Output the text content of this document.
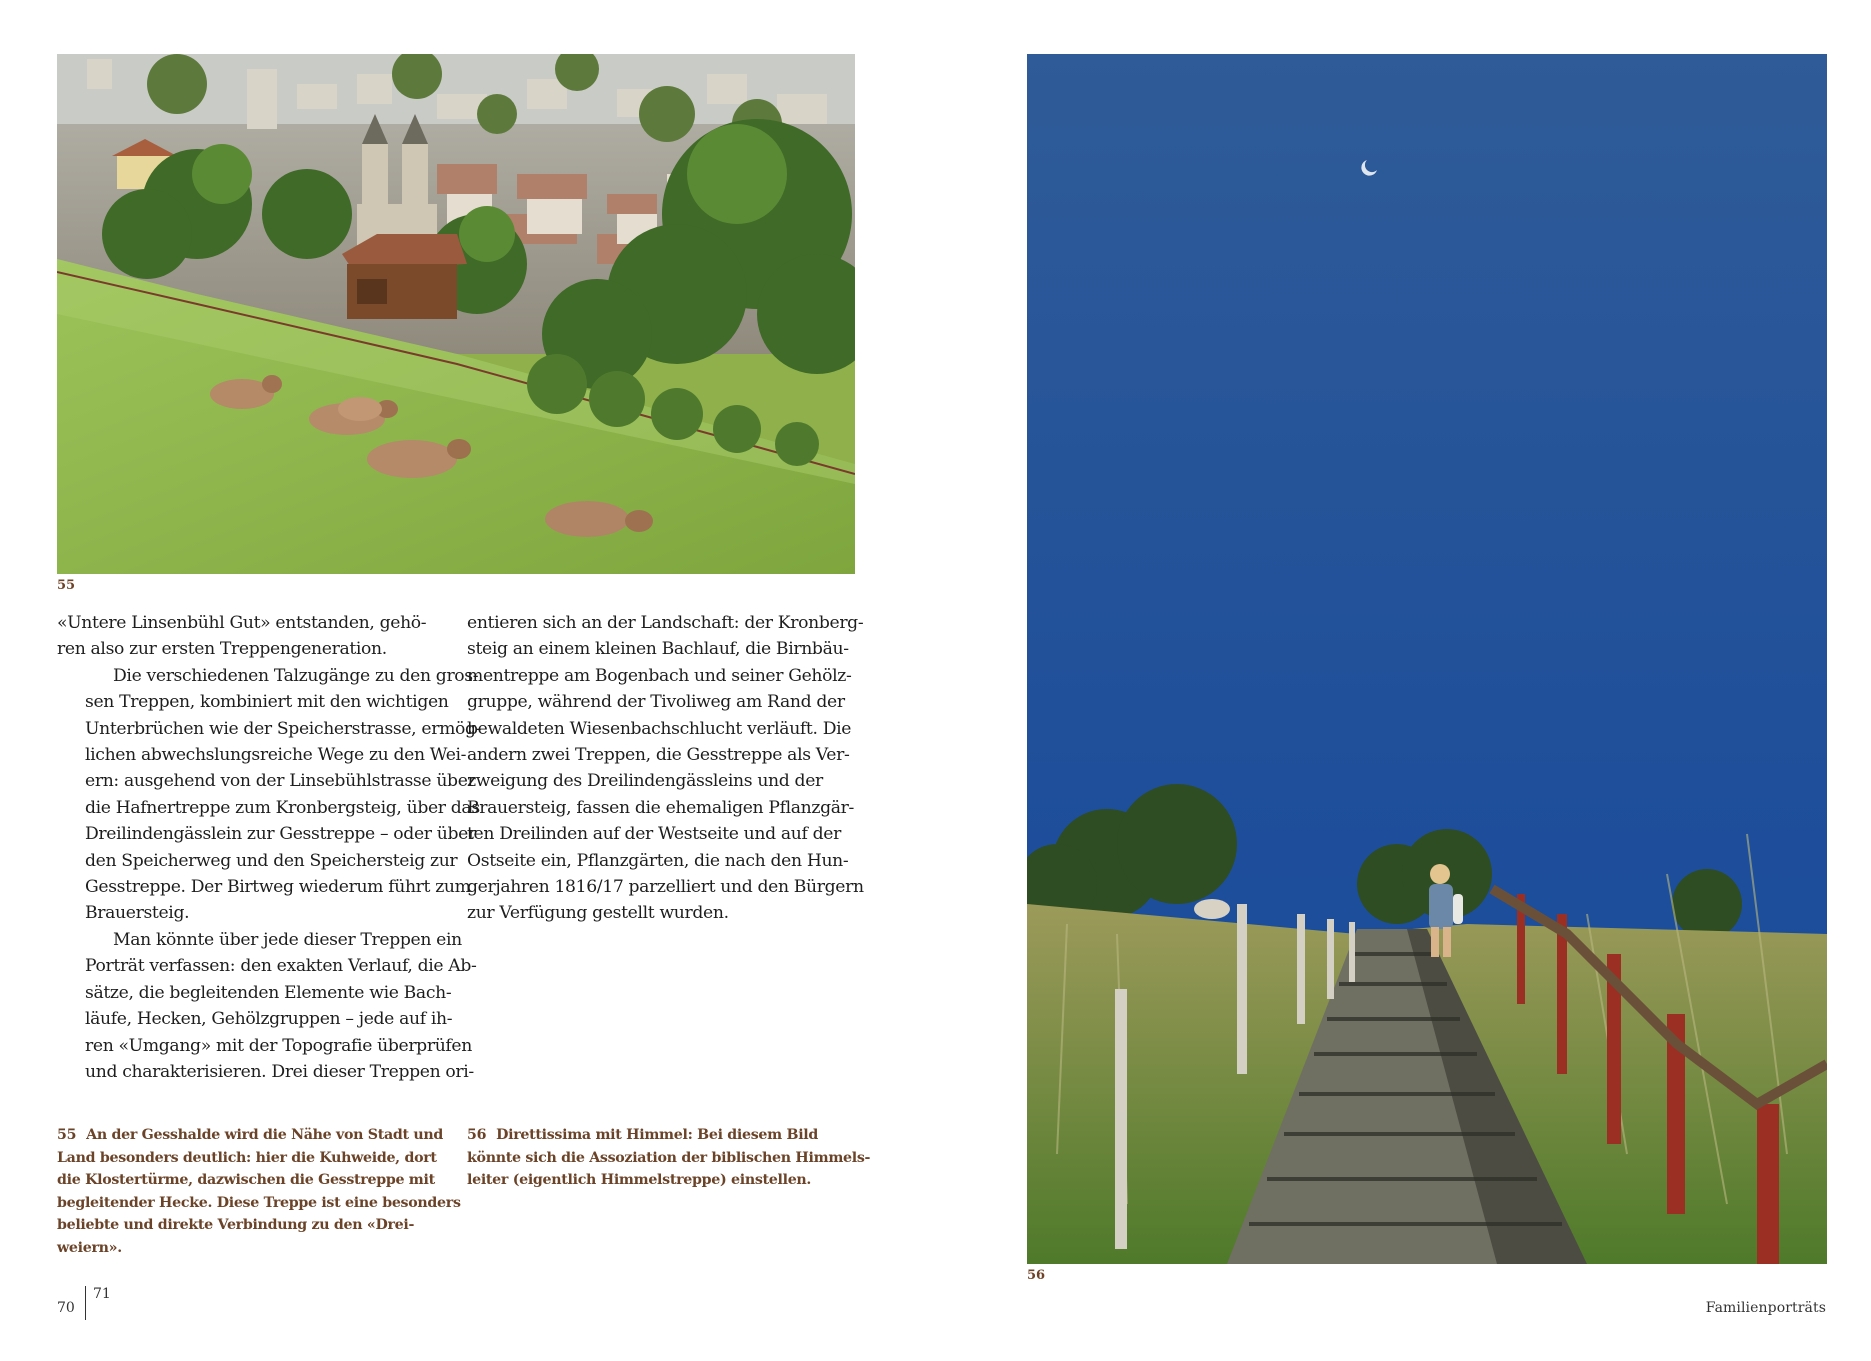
55
56

«Untere Linsenbühl Gut» entstanden, gehö-
ren also zur ersten Treppengeneration.

Die verschiedenen Talzugänge zu den gros-
sen Treppen, kombiniert mit den wichtigen
Unterbrüchen wie der Speicherstrasse, ermög-
lichen abwechslungsreiche Wege zu den Wei-
ern: ausgehend von der Linsebühlstrasse über
die Hafnertreppe zum Kronbergsteig, über das
Dreilindengässlein zur Gesstreppe – oder über
den Speicherweg und den Speichersteig zur
Gesstreppe. Der Birtweg wiederum führt zum
Brauersteig.

Man könnte über jede dieser Treppen ein
Porträt verfassen: den exakten Verlauf, die Ab-
sätze, die begleitenden Elemente wie Bach-
läufe, Hecken, Gehölzgruppen – jede auf ih-
ren «Umgang» mit der Topografie überprüfen
und charakterisieren. Drei dieser Treppen ori-

entieren sich an der Landschaft: der Kronberg-
steig an einem kleinen Bachlauf, die Birnbäu-
mentreppe am Bogenbach und seiner Gehölz-
gruppe, während der Tivoliweg am Rand der
bewaldeten Wiesenbachschlucht verläuft. Die
andern zwei Treppen, die Gesstreppe als Ver-
zweigung des Dreilindengässleins und der
Brauersteig, fassen die ehemaligen Pflanzgär-
ten Dreilinden auf der Westseite und auf der
Ostseite ein, Pflanzgärten, die nach den Hun-
gerjahren 1816/17 parzelliert und den Bürgern
zur Verfügung gestellt wurden.

55 An der Gesshalde wird die Nähe von Stadt und
Land besonders deutlich: hier die Kuhweide, dort
die Klostertürme, dazwischen die Gesstreppe mit
begleitender Hecke. Diese Treppe ist eine besonders
beliebte und direkte Verbindung zu den «Drei-
weiern».
56 Direttissima mit Himmel: Bei diesem Bild
könnte sich die Assoziation der biblischen Himmels-
leiter (eigentlich Himmelstreppe) einstellen.
70
71
Familienporträts
